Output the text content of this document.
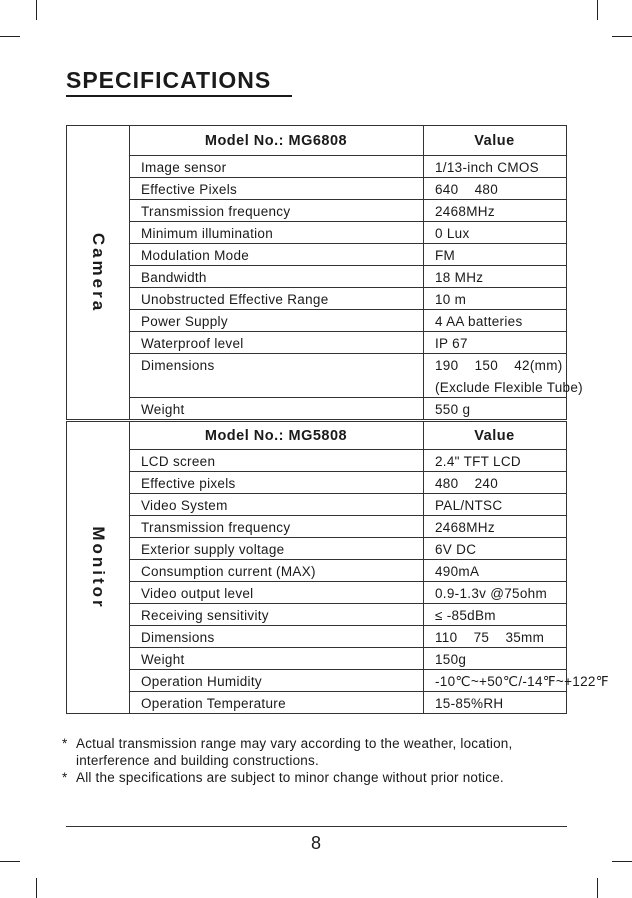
SPECIFICATIONS
Camera
Model No.: MG6808	Value
Image sensor	1/13-inch CMOS
Effective Pixels	640    480
Transmission frequency	2468MHz
Minimum illumination	0 Lux
Modulation Mode	FM
Bandwidth	18 MHz
Unobstructed Effective Range	10 m
Power Supply	4 AA batteries
Waterproof level	IP 67
Dimensions	190    150    42(mm)
(Exclude Flexible Tube)
Weight	550 g
Monitor
Model No.: MG5808	Value
LCD screen	2.4" TFT LCD
Effective pixels	480    240
Video System	PAL/NTSC
Transmission frequency	2468MHz
Exterior supply voltage	6V DC
Consumption current (MAX)	490mA
Video output level	0.9-1.3v @75ohm
Receiving sensitivity	≤ -85dBm
Dimensions	110    75    35mm
Weight	150g
Operation Humidity	-10℃~+50℃/-14℉~+122℉
Operation Temperature	15-85%RH
* Actual transmission range may vary according to the weather, location, interference and building constructions.
* All the specifications are subject to minor change without prior notice.
8
